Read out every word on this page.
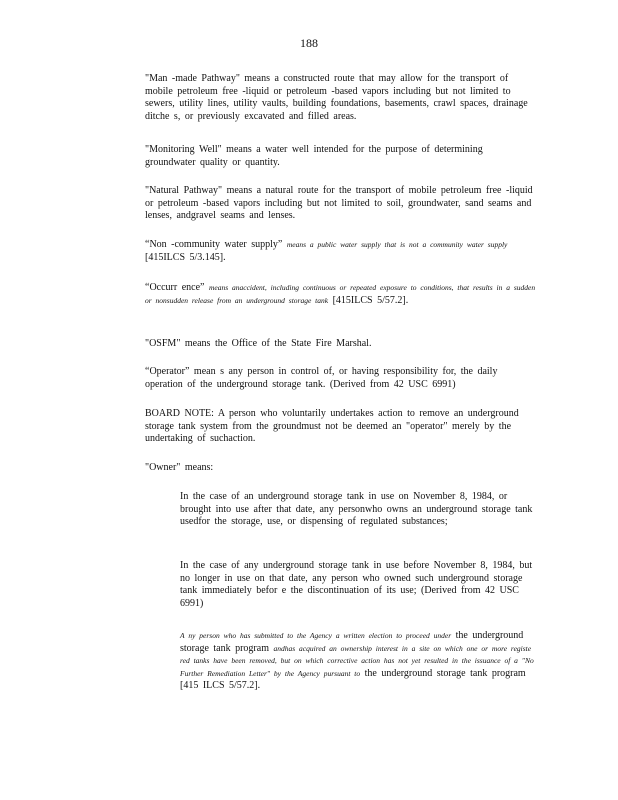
188

"Man -made Pathway" means a constructed route that may allow for the transport of mobile petroleum free -liquid or petroleum -based vapors including but not limited to sewers, utility lines, utility vaults, building foundations, basements, crawl spaces, drainage ditche s, or previously excavated and filled areas.

"Monitoring Well" means a water well intended for the purpose of determining groundwater quality or quantity.

"Natural Pathway" means a natural route for the transport of mobile petroleum free -liquid or petroleum -based vapors including but not limited to soil, groundwater, sand seams and lenses, andgravel seams and lenses.

“Non -community water supply” means a public water supply that is not a community water supply [415ILCS 5/3.145].

“Occurr ence” means anaccident, including continuous or repeated exposure to conditions, that results in a sudden or nonsudden release from an underground storage tank [415ILCS 5/57.2].

"OSFM" means the Office of the State Fire Marshal.

“Operator” mean s any person in control of, or having responsibility for, the daily operation of the underground storage tank. (Derived from 42 USC 6991)

BOARD NOTE: A person who voluntarily undertakes action to remove an underground storage tank system from the groundmust not be deemed an "operator" merely by the undertaking of suchaction.

"Owner" means:

In the case of an underground storage tank in use on November 8, 1984, or brought into use after that date, any personwho owns an underground storage tank usedfor the storage, use, or dispensing of regulated substances;

In the case of any underground storage tank in use before November 8, 1984, but no longer in use on that date, any person who owned such underground storage tank immediately befor e the discontinuation of its use; (Derived from 42 USC 6991)

A ny person who has submitted to the Agency a written election to proceed under the underground storage tank program andhas acquired an ownership interest in a site on which one or more registe red tanks have been removed, but on which corrective action has not yet resulted in the issuance of a "No Further Remediation Letter" by the Agency pursuant to the underground storage tank program [415 ILCS 5/57.2].
